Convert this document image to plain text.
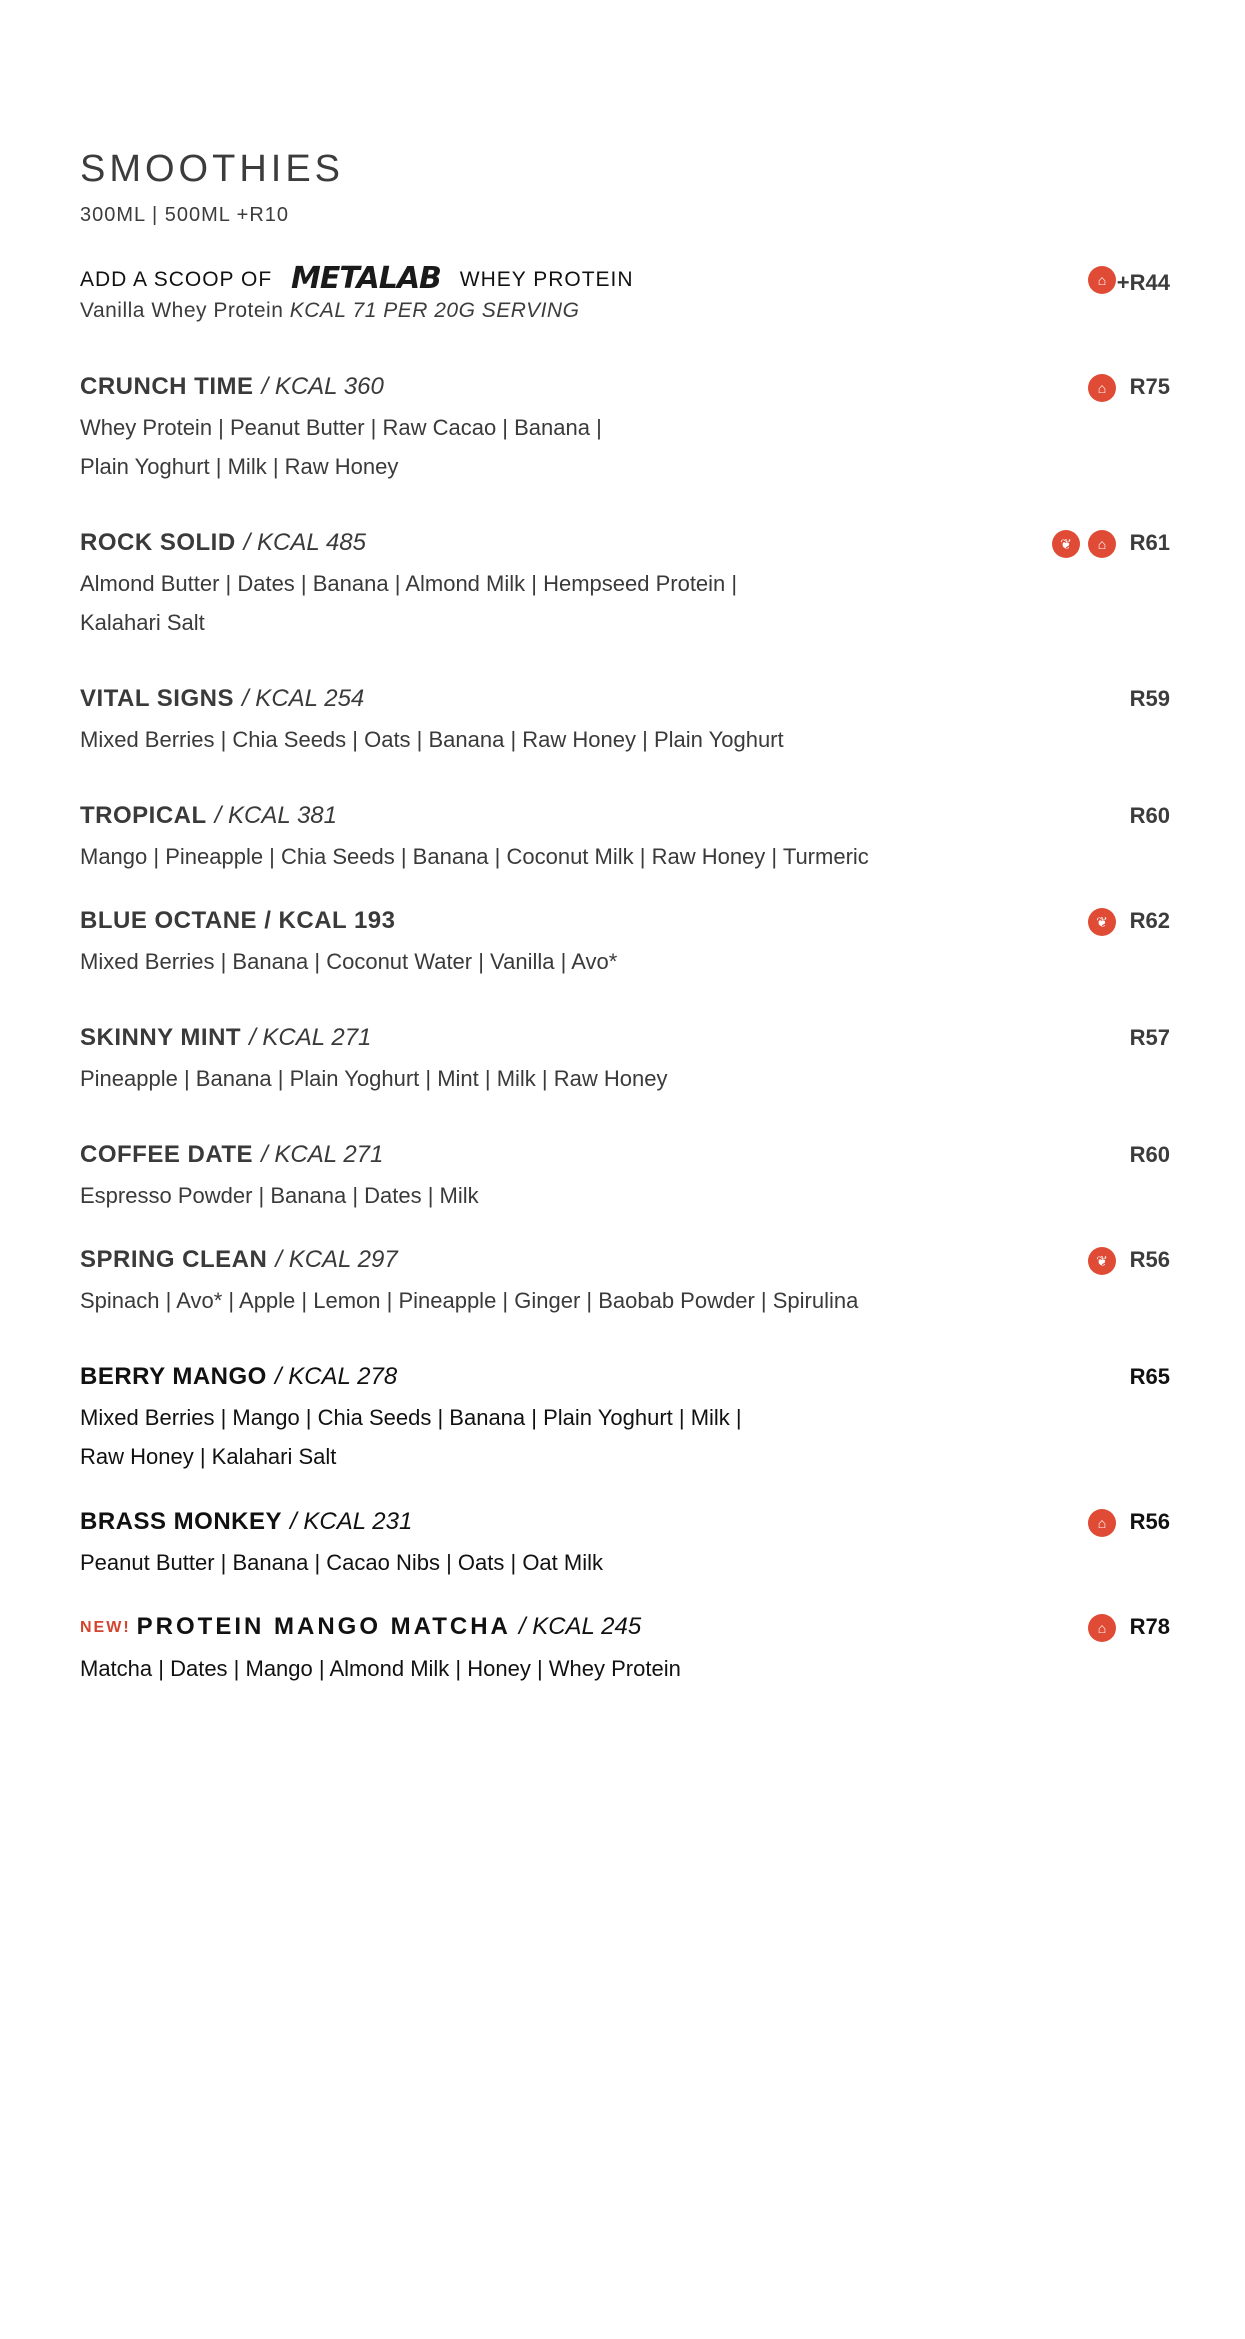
SMOOTHIES
300ML | 500ML +R10
ADD A SCOOP OF METALAB WHEY PROTEIN
Vanilla Whey Protein KCAL 71 PER 20G SERVING
⌂ +R44
CRUNCH TIME / KCAL 360
Whey Protein | Peanut Butter | Raw Cacao | Banana |
Plain Yoghurt | Milk | Raw Honey
⌂	R75
ROCK SOLID / KCAL 485
Almond Butter | Dates | Banana | Almond Milk | Hempseed Protein |
Kalahari Salt
❦	⌂	R61
VITAL SIGNS / KCAL 254
Mixed Berries | Chia Seeds | Oats | Banana | Raw Honey | Plain Yoghurt
R59
TROPICAL / KCAL 381
Mango | Pineapple | Chia Seeds | Banana | Coconut Milk | Raw Honey | Turmeric
R60
BLUE OCTANE / KCAL 193
Mixed Berries | Banana | Coconut Water | Vanilla | Avo*
❦ R62
SKINNY MINT / KCAL 271
Pineapple | Banana | Plain Yoghurt | Mint | Milk | Raw Honey
R57
COFFEE DATE / KCAL 271
Espresso Powder | Banana | Dates | Milk
R60
SPRING CLEAN / KCAL 297
Spinach | Avo* | Apple | Lemon | Pineapple | Ginger | Baobab Powder | Spirulina
❦ R56
BERRY MANGO / KCAL 278
Mixed Berries | Mango | Chia Seeds | Banana | Plain Yoghurt | Milk |
Raw Honey | Kalahari Salt
R65
BRASS MONKEY / KCAL 231
Peanut Butter | Banana | Cacao Nibs | Oats | Oat Milk
⌂	R56
NEW! PROTEIN MANGO MATCHA / KCAL 245
Matcha | Dates | Mango | Almond Milk | Honey | Whey Protein
⌂	R78
